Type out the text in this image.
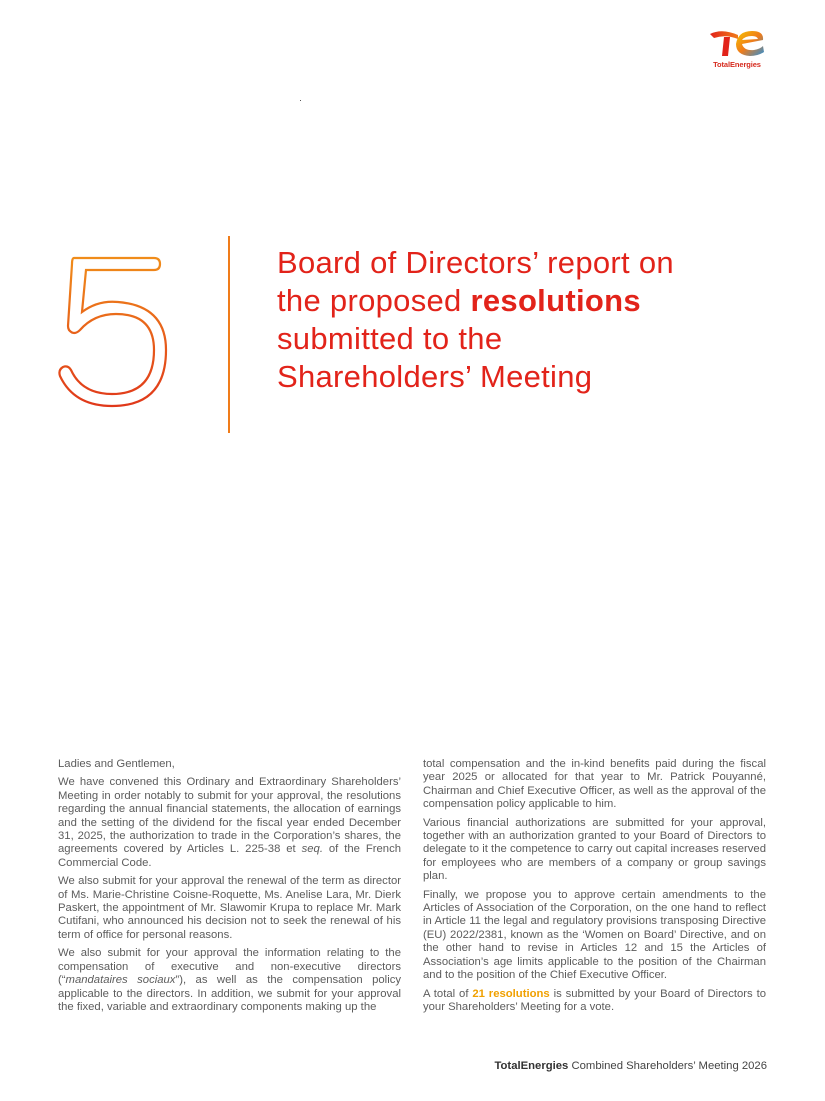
TotalEnergies
Board of Directors’ report on the proposed resolutions submitted to the Shareholders’ Meeting

Ladies and Gentlemen,

We have convened this Ordinary and Extraordinary Shareholders’ Meeting in order notably to submit for your approval, the resolutions regarding the annual financial statements, the allocation of earnings and the setting of the dividend for the fiscal year ended December 31, 2025, the authorization to trade in the Corporation’s shares, the agreements covered by Articles L. 225-38 et seq. of the French Commercial Code.

We also submit for your approval the renewal of the term as director of Ms. Marie-Christine Coisne-Roquette, Ms. Anelise Lara, Mr. Dierk Paskert, the appointment of Mr. Slawomir Krupa to replace Mr. Mark Cutifani, who announced his decision not to seek the renewal of his term of office for personal reasons.

We also submit for your approval the information relating to the compensation of executive and non-executive directors (“mandataires sociaux”), as well as the compensation policy applicable to the directors. In addition, we submit for your approval the fixed, variable and extraordinary components making up the

total compensation and the in-kind benefits paid during the fiscal year 2025 or allocated for that year to Mr. Patrick Pouyanné, Chairman and Chief Executive Officer, as well as the approval of the compensation policy applicable to him.

Various financial authorizations are submitted for your approval, together with an authorization granted to your Board of Directors to delegate to it the competence to carry out capital increases reserved for employees who are members of a company or group savings plan.

Finally, we propose you to approve certain amendments to the Articles of Association of the Corporation, on the one hand to reflect in Article 11 the legal and regulatory provisions transposing Directive (EU) 2022/2381, known as the ‘Women on Board’ Directive, and on the other hand to revise in Articles 12 and 15 the Articles of Association’s age limits applicable to the position of the Chairman and to the position of the Chief Executive Officer.

A total of 21 resolutions is submitted by your Board of Directors to your Shareholders’ Meeting for a vote.

TotalEnergies Combined Shareholders’ Meeting 2026
